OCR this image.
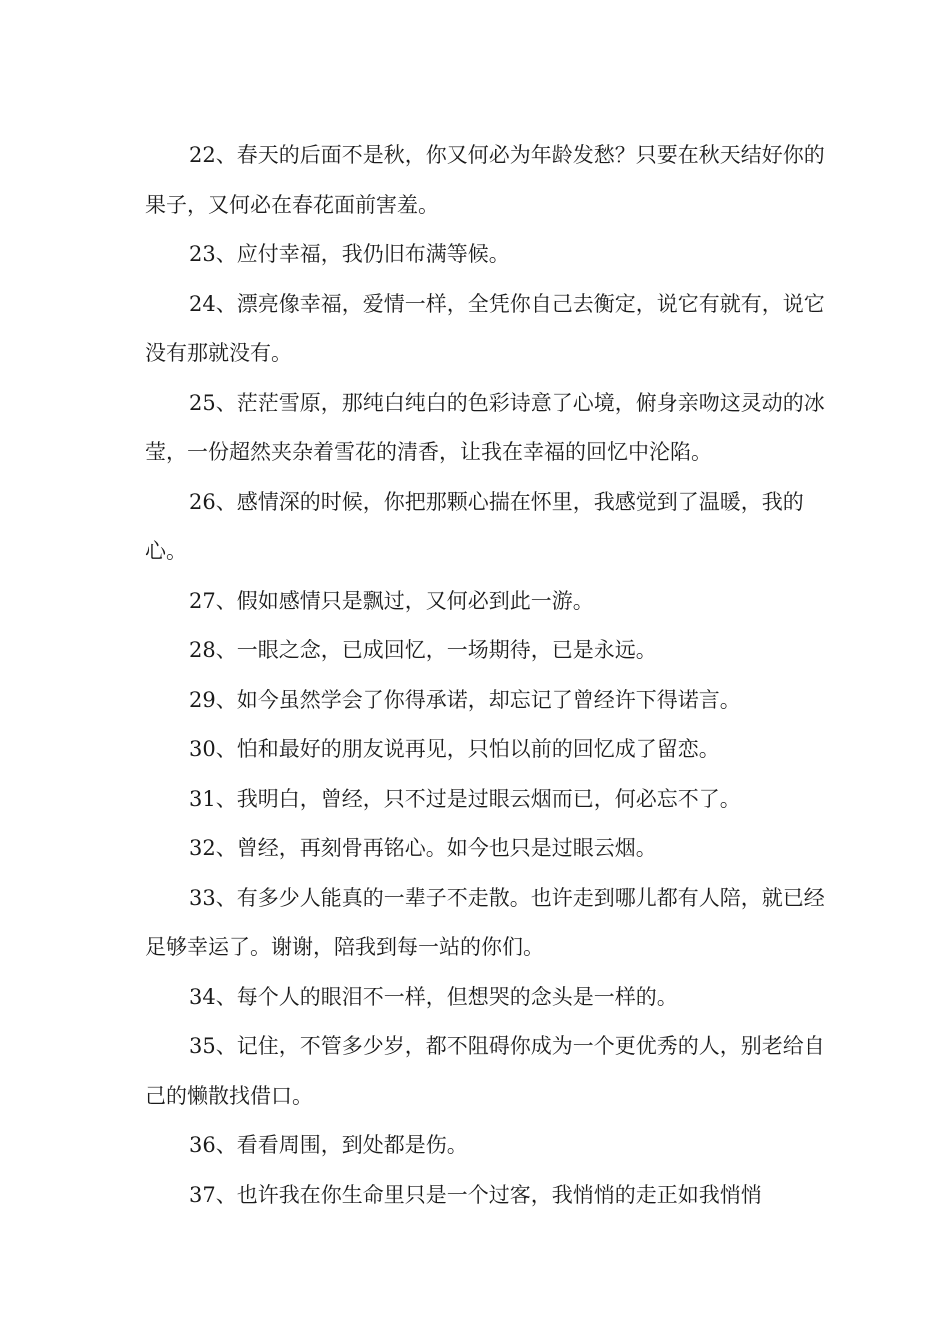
22、春天的后面不是秋，你又何必为年龄发愁？只要在秋天结好你的果子，又何必在春花面前害羞。

23、应付幸福，我仍旧布满等候。

24、漂亮像幸福，爱情一样，全凭你自己去衡定，说它有就有，说它没有那就没有。

25、茫茫雪原，那纯白纯白的色彩诗意了心境，俯身亲吻这灵动的冰莹，一份超然夹杂着雪花的清香，让我在幸福的回忆中沦陷。

26、感情深的时候，你把那颗心揣在怀里，我感觉到了温暖，我的心。

27、假如感情只是飘过，又何必到此一游。

28、一眼之念，已成回忆，一场期待，已是永远。

29、如今虽然学会了你得承诺，却忘记了曾经许下得诺言。

30、怕和最好的朋友说再见，只怕以前的回忆成了留恋。

31、我明白，曾经，只不过是过眼云烟而已，何必忘不了。

32、曾经，再刻骨再铭心。如今也只是过眼云烟。

33、有多少人能真的一辈子不走散。也许走到哪儿都有人陪，就已经足够幸运了。谢谢，陪我到每一站的你们。

34、每个人的眼泪不一样，但想哭的念头是一样的。

35、记住，不管多少岁，都不阻碍你成为一个更优秀的人，别老给自己的懒散找借口。

36、看看周围，到处都是伤。

37、也许我在你生命里只是一个过客，我悄悄的走正如我悄悄
